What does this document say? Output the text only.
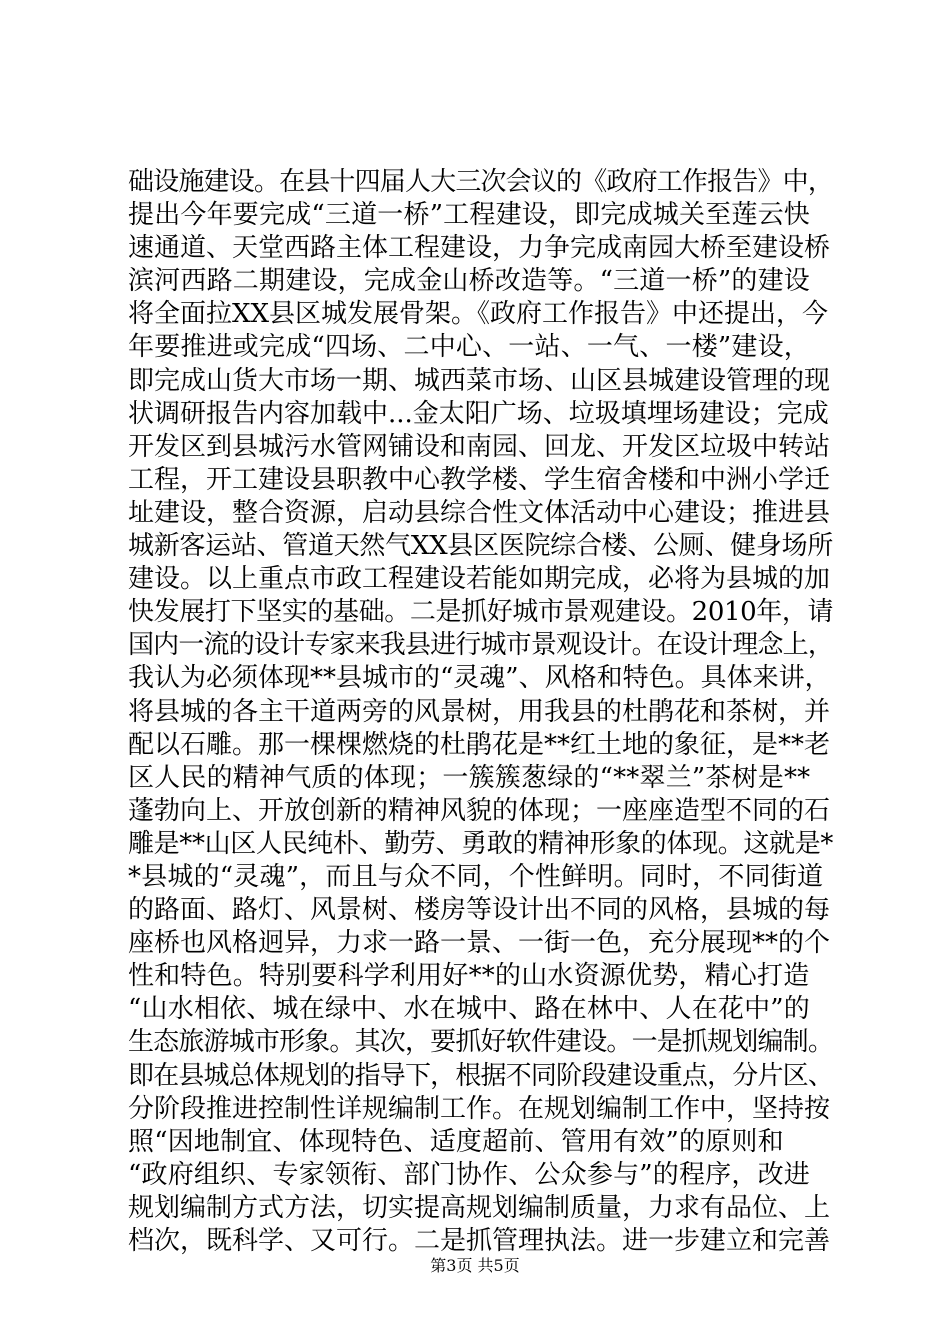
础设施建设。在县十四届人大三次会议的《政府工作报告》中，
提出今年要完成“三道一桥”工程建设，即完成城关至莲云快
速通道、天堂西路主体工程建设，力争完成南园大桥至建设桥
滨河西路二期建设，完成金山桥改造等。“三道一桥”的建设
将全面拉XX县区城发展骨架。《政府工作报告》中还提出，今
年要推进或完成“四场、二中心、一站、一气、一楼”建设，
即完成山货大市场一期、城西菜市场、山区县城建设管理的现
状调研报告内容加载中...金太阳广场、垃圾填埋场建设；完成
开发区到县城污水管网铺设和南园、回龙、开发区垃圾中转站
工程，开工建设县职教中心教学楼、学生宿舍楼和中洲小学迁
址建设，整合资源，启动县综合性文体活动中心建设；推进县
城新客运站、管道天然气XX县区医院综合楼、公厕、健身场所
建设。以上重点市政工程建设若能如期完成，必将为县城的加
快发展打下坚实的基础。二是抓好城市景观建设。2010年，请
国内一流的设计专家来我县进行城市景观设计。在设计理念上，
我认为必须体现**县城市的“灵魂”、风格和特色。具体来讲，
将县城的各主干道两旁的风景树，用我县的杜鹃花和茶树，并
配以石雕。那一棵棵燃烧的杜鹃花是**红土地的象征，是**老
区人民的精神气质的体现；一簇簇葱绿的“**翠兰”茶树是**
蓬勃向上、开放创新的精神风貌的体现；一座座造型不同的石
雕是**山区人民纯朴、勤劳、勇敢的精神形象的体现。这就是*
*县城的“灵魂”，而且与众不同，个性鲜明。同时，不同街道
的路面、路灯、风景树、楼房等设计出不同的风格，县城的每
座桥也风格迥异，力求一路一景、一街一色，充分展现**的个
性和特色。特别要科学利用好**的山水资源优势，精心打造
“山水相依、城在绿中、水在城中、路在林中、人在花中”的
生态旅游城市形象。其次，要抓好软件建设。一是抓规划编制。
即在县城总体规划的指导下，根据不同阶段建设重点，分片区、
分阶段推进控制性详规编制工作。在规划编制工作中，坚持按
照“因地制宜、体现特色、适度超前、管用有效”的原则和
“政府组织、专家领衔、部门协作、公众参与”的程序，改进
规划编制方式方法，切实提高规划编制质量，力求有品位、上
档次，既科学、又可行。二是抓管理执法。进一步建立和完善
第3页 共5页
